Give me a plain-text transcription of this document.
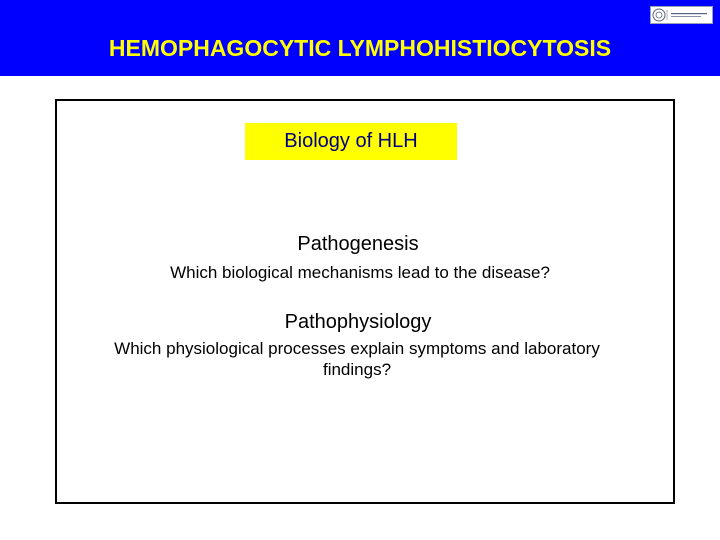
HEMOPHAGOCYTIC LYMPHOHISTIOCYTOSIS
Biology of HLH
Pathogenesis
Which biological mechanisms lead to the disease?
Pathophysiology
Which physiological processes explain symptoms and laboratory findings?
